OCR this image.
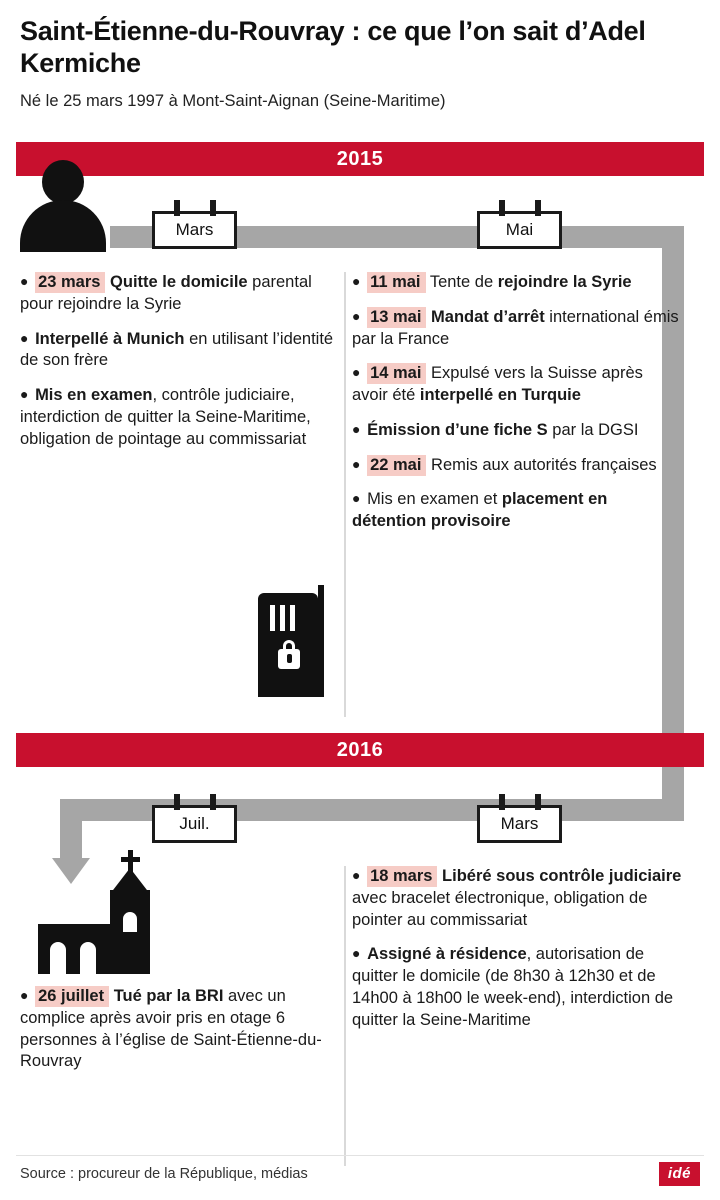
Saint-Étienne-du-Rouvray : ce que l’on sait d’Adel Kermiche

Né le 25 mars 1997 à Mont-Saint-Aignan (Seine-Maritime)

2015
Mars	Mai

● 23 mars Quitte le domicile parental pour rejoindre la Syrie

● Interpellé à Munich en utilisant l’identité de son frère

● Mis en examen, contrôle judiciaire, interdiction de quitter la Seine-Maritime, obligation de pointage au commissariat

● 11 mai Tente de rejoindre la Syrie

● 13 mai Mandat d’arrêt international émis par la France

● 14 mai Expulsé vers la Suisse après avoir été interpellé en Turquie

● Émission d’une fiche S par la DGSI

● 22 mai Remis aux autorités françaises

● Mis en examen et placement en détention provisoire

2016
Juil.	Mars

● 26 juillet Tué par la BRI avec un complice après avoir pris en otage 6 personnes à l’église de Saint-Étienne-du-Rouvray

● 18 mars Libéré sous contrôle judiciaire avec bracelet électronique, obligation de pointer au commissariat

● Assigné à résidence, autorisation de quitter le domicile (de 8h30 à 12h30 et de 14h00 à 18h00 le week-end), interdiction de quitter la Seine-Maritime

Source : procureur de la République, médias	idé
